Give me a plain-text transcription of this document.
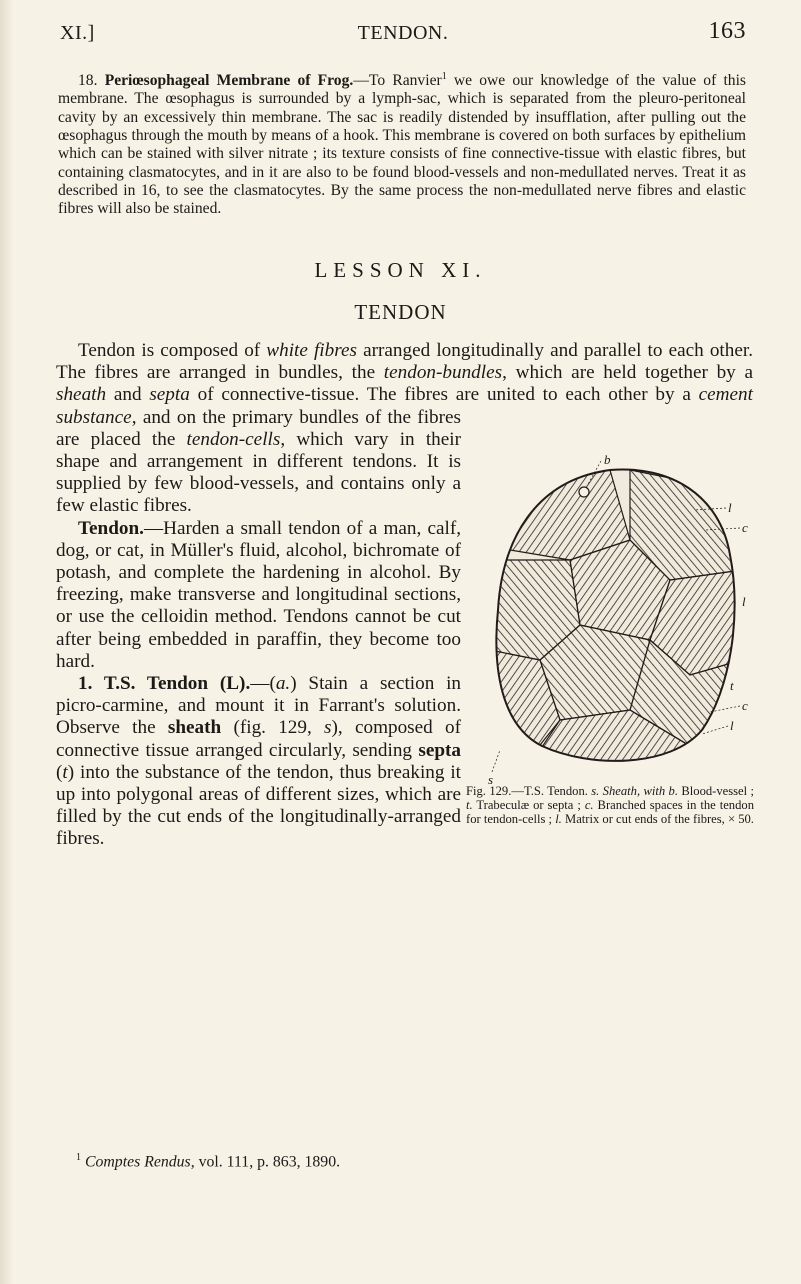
XI.]	TENDON.	163

18. Periœsophageal Membrane of Frog.—To Ranvier$^1$ we owe our knowledge of the value of this membrane. The œsophagus is surrounded by a lymph-sac, which is separated from the pleuro-peritoneal cavity by an excessively thin membrane. The sac is readily distended by insufflation, after pulling out the œsophagus through the mouth by means of a hook. This membrane is covered on both surfaces by epithelium which can be stained with silver nitrate ; its texture consists of fine connective-tissue with elastic fibres, but containing clasmatocytes, and in it are also to be found blood-vessels and non-medullated nerves. Treat it as described in 16, to see the clasmatocytes. By the same process the non-medullated nerve fibres and elastic fibres will also be stained.

LESSON XI.
TENDON

Tendon is composed of white fibres arranged longitudinally and parallel to each other. The fibres are arranged in bundles, the tendon-bundles, which are held together by a sheath and septa of connective-tissue. The fibres are united to each other by a
cement substance, and on the primary bundles of the fibres are placed the tendon-cells, which vary in their shape and arrangement in different tendons. It is supplied by few blood-vessels, and contains only a few elastic fibres.

Tendon.—Harden a small tendon of a man, calf, dog, or cat, in Müller's fluid, alcohol, bichromate of potash, and complete the hardening in alcohol. By freezing, make transverse and longitudinal sections, or use the celloidin method. Tendons cannot be cut after being embedded in paraffin, they become too hard.

1. T.S. Tendon (L).—(a.) Stain a section in picro-carmine, and mount it in Farrant's solution. Observe the sheath (fig. 129, s), composed of connective tissue arranged circularly, sending septa (t) into the substance of the tendon, thus breaking it up into polygonal areas of different sizes, which are filled by the cut ends of the longitudinally-arranged fibres.

b
l
c
l
t
c
l
s
Fig. 129.—T.S. Tendon. s. Sheath, with b. Blood-vessel ; t. Trabeculæ or septa ; c. Branched spaces in the tendon for tendon-cells ; l. Matrix or cut ends of the fibres, × 50.
$^1$ Comptes Rendus, vol. 111, p. 863, 1890.
